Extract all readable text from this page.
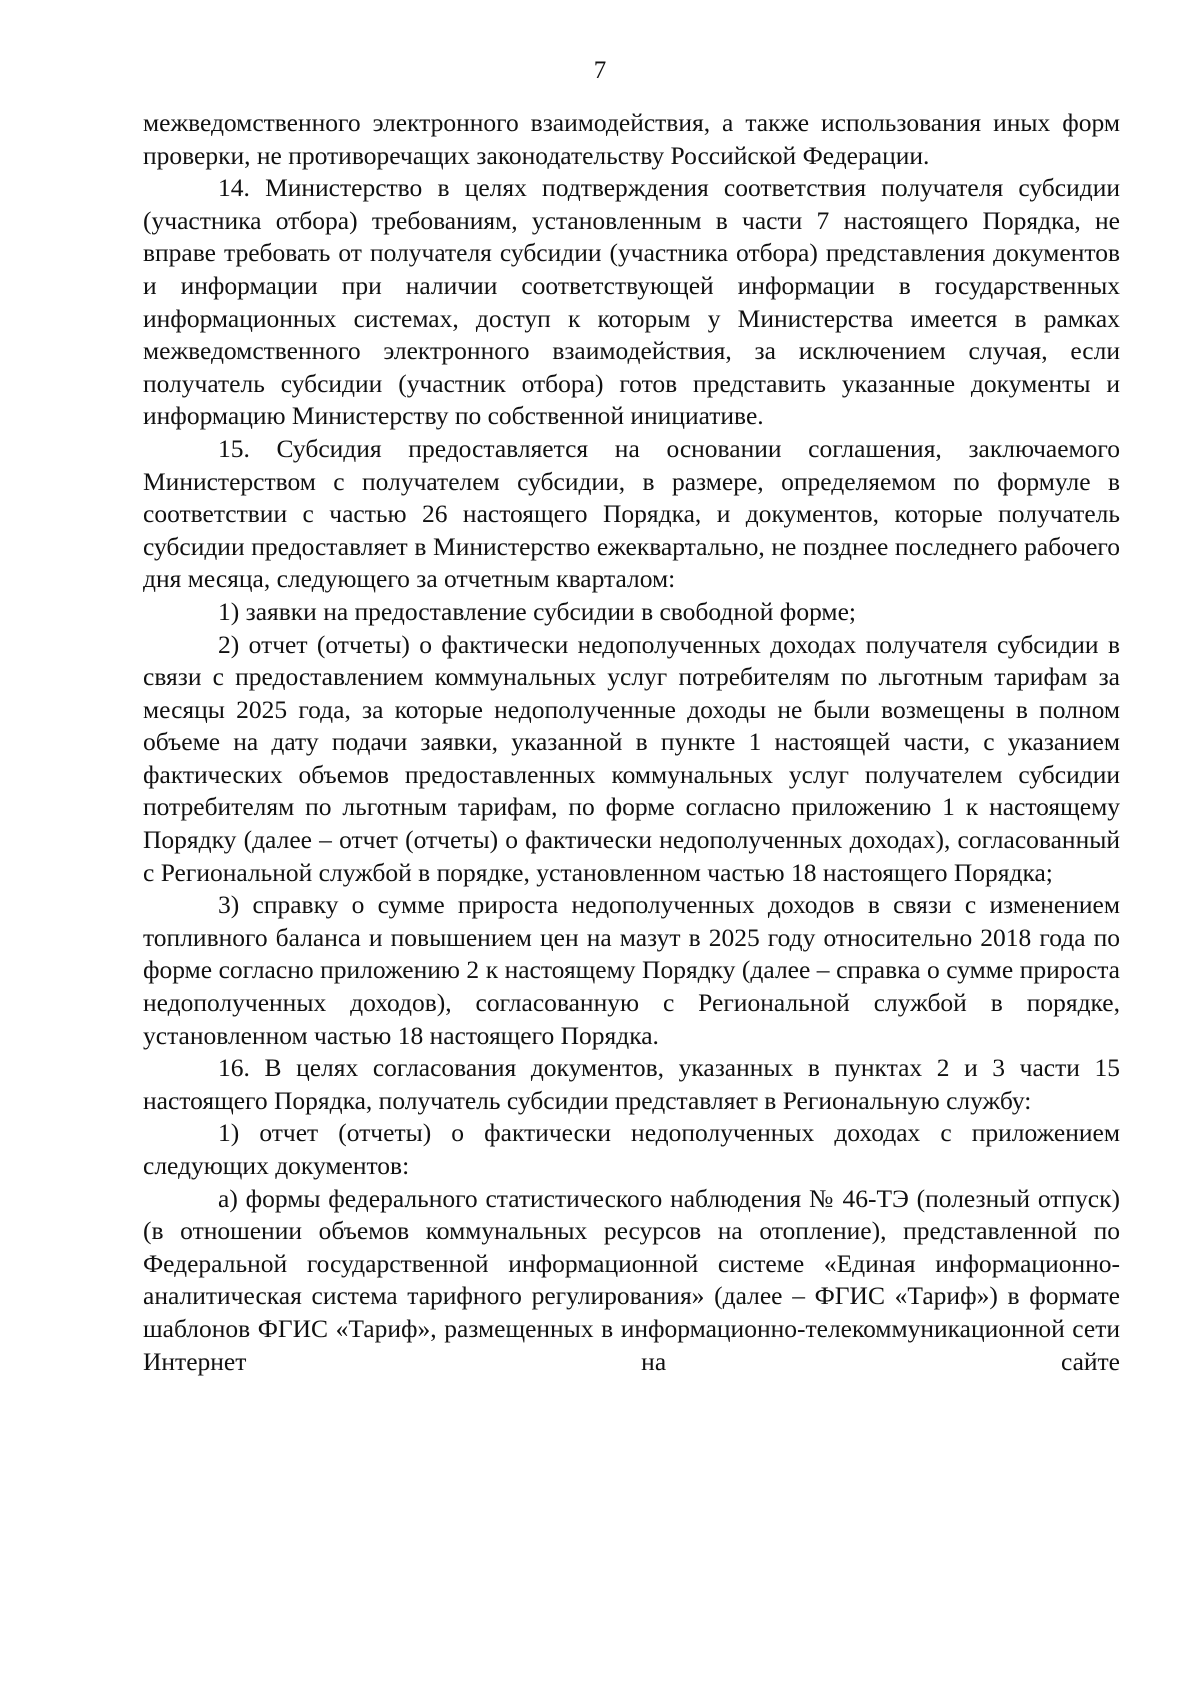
7

межведомственного электронного взаимодействия, а также использования иных форм проверки, не противоречащих законодательству Российской Федерации.

14. Министерство в целях подтверждения соответствия получателя субсидии (участника отбора) требованиям, установленным в части 7 настоящего Порядка, не вправе требовать от получателя субсидии (участника отбора) представления документов и информации при наличии соответствующей информации в государственных информационных системах, доступ к которым у Министерства имеется в рамках межведомственного электронного взаимодействия, за исключением случая, если получатель субсидии (участник отбора) готов представить указанные документы и информацию Министерству по собственной инициативе.

15. Субсидия предоставляется на основании соглашения, заключаемого Министерством с получателем субсидии, в размере, определяемом по формуле в соответствии с частью 26 настоящего Порядка, и документов, которые получатель субсидии предоставляет в Министерство ежеквартально, не позднее последнего рабочего дня месяца, следующего за отчетным кварталом:

1) заявки на предоставление субсидии в свободной форме;

2) отчет (отчеты) о фактически недополученных доходах получателя субсидии в связи с предоставлением коммунальных услуг потребителям по льготным тарифам за месяцы 2025 года, за которые недополученные доходы не были возмещены в полном объеме на дату подачи заявки, указанной в пункте 1 настоящей части, с указанием фактических объемов предоставленных коммунальных услуг получателем субсидии потребителям по льготным тарифам, по форме согласно приложению 1 к настоящему Порядку (далее – отчет (отчеты) о фактически недополученных доходах), согласованный с Региональной службой в порядке, установленном частью 18 настоящего Порядка;

3) справку о сумме прироста недополученных доходов в связи с изменением топливного баланса и повышением цен на мазут в 2025 году относительно 2018 года по форме согласно приложению 2 к настоящему Порядку (далее – справка о сумме прироста недополученных доходов), согласованную с Региональной службой в порядке, установленном частью 18 настоящего Порядка.

16. В целях согласования документов, указанных в пунктах 2 и 3 части 15 настоящего Порядка, получатель субсидии представляет в Региональную службу:

1) отчет (отчеты) о фактически недополученных доходах с приложением следующих документов:

а) формы федерального статистического наблюдения № 46-ТЭ (полезный отпуск) (в отношении объемов коммунальных ресурсов на отопление), представленной по Федеральной государственной информационной системе «Единая информационно-аналитическая система тарифного регулирования» (далее – ФГИС «Тариф») в формате шаблонов ФГИС «Тариф», размещенных в информационно-телекоммуникационной сети Интернет на сайте
